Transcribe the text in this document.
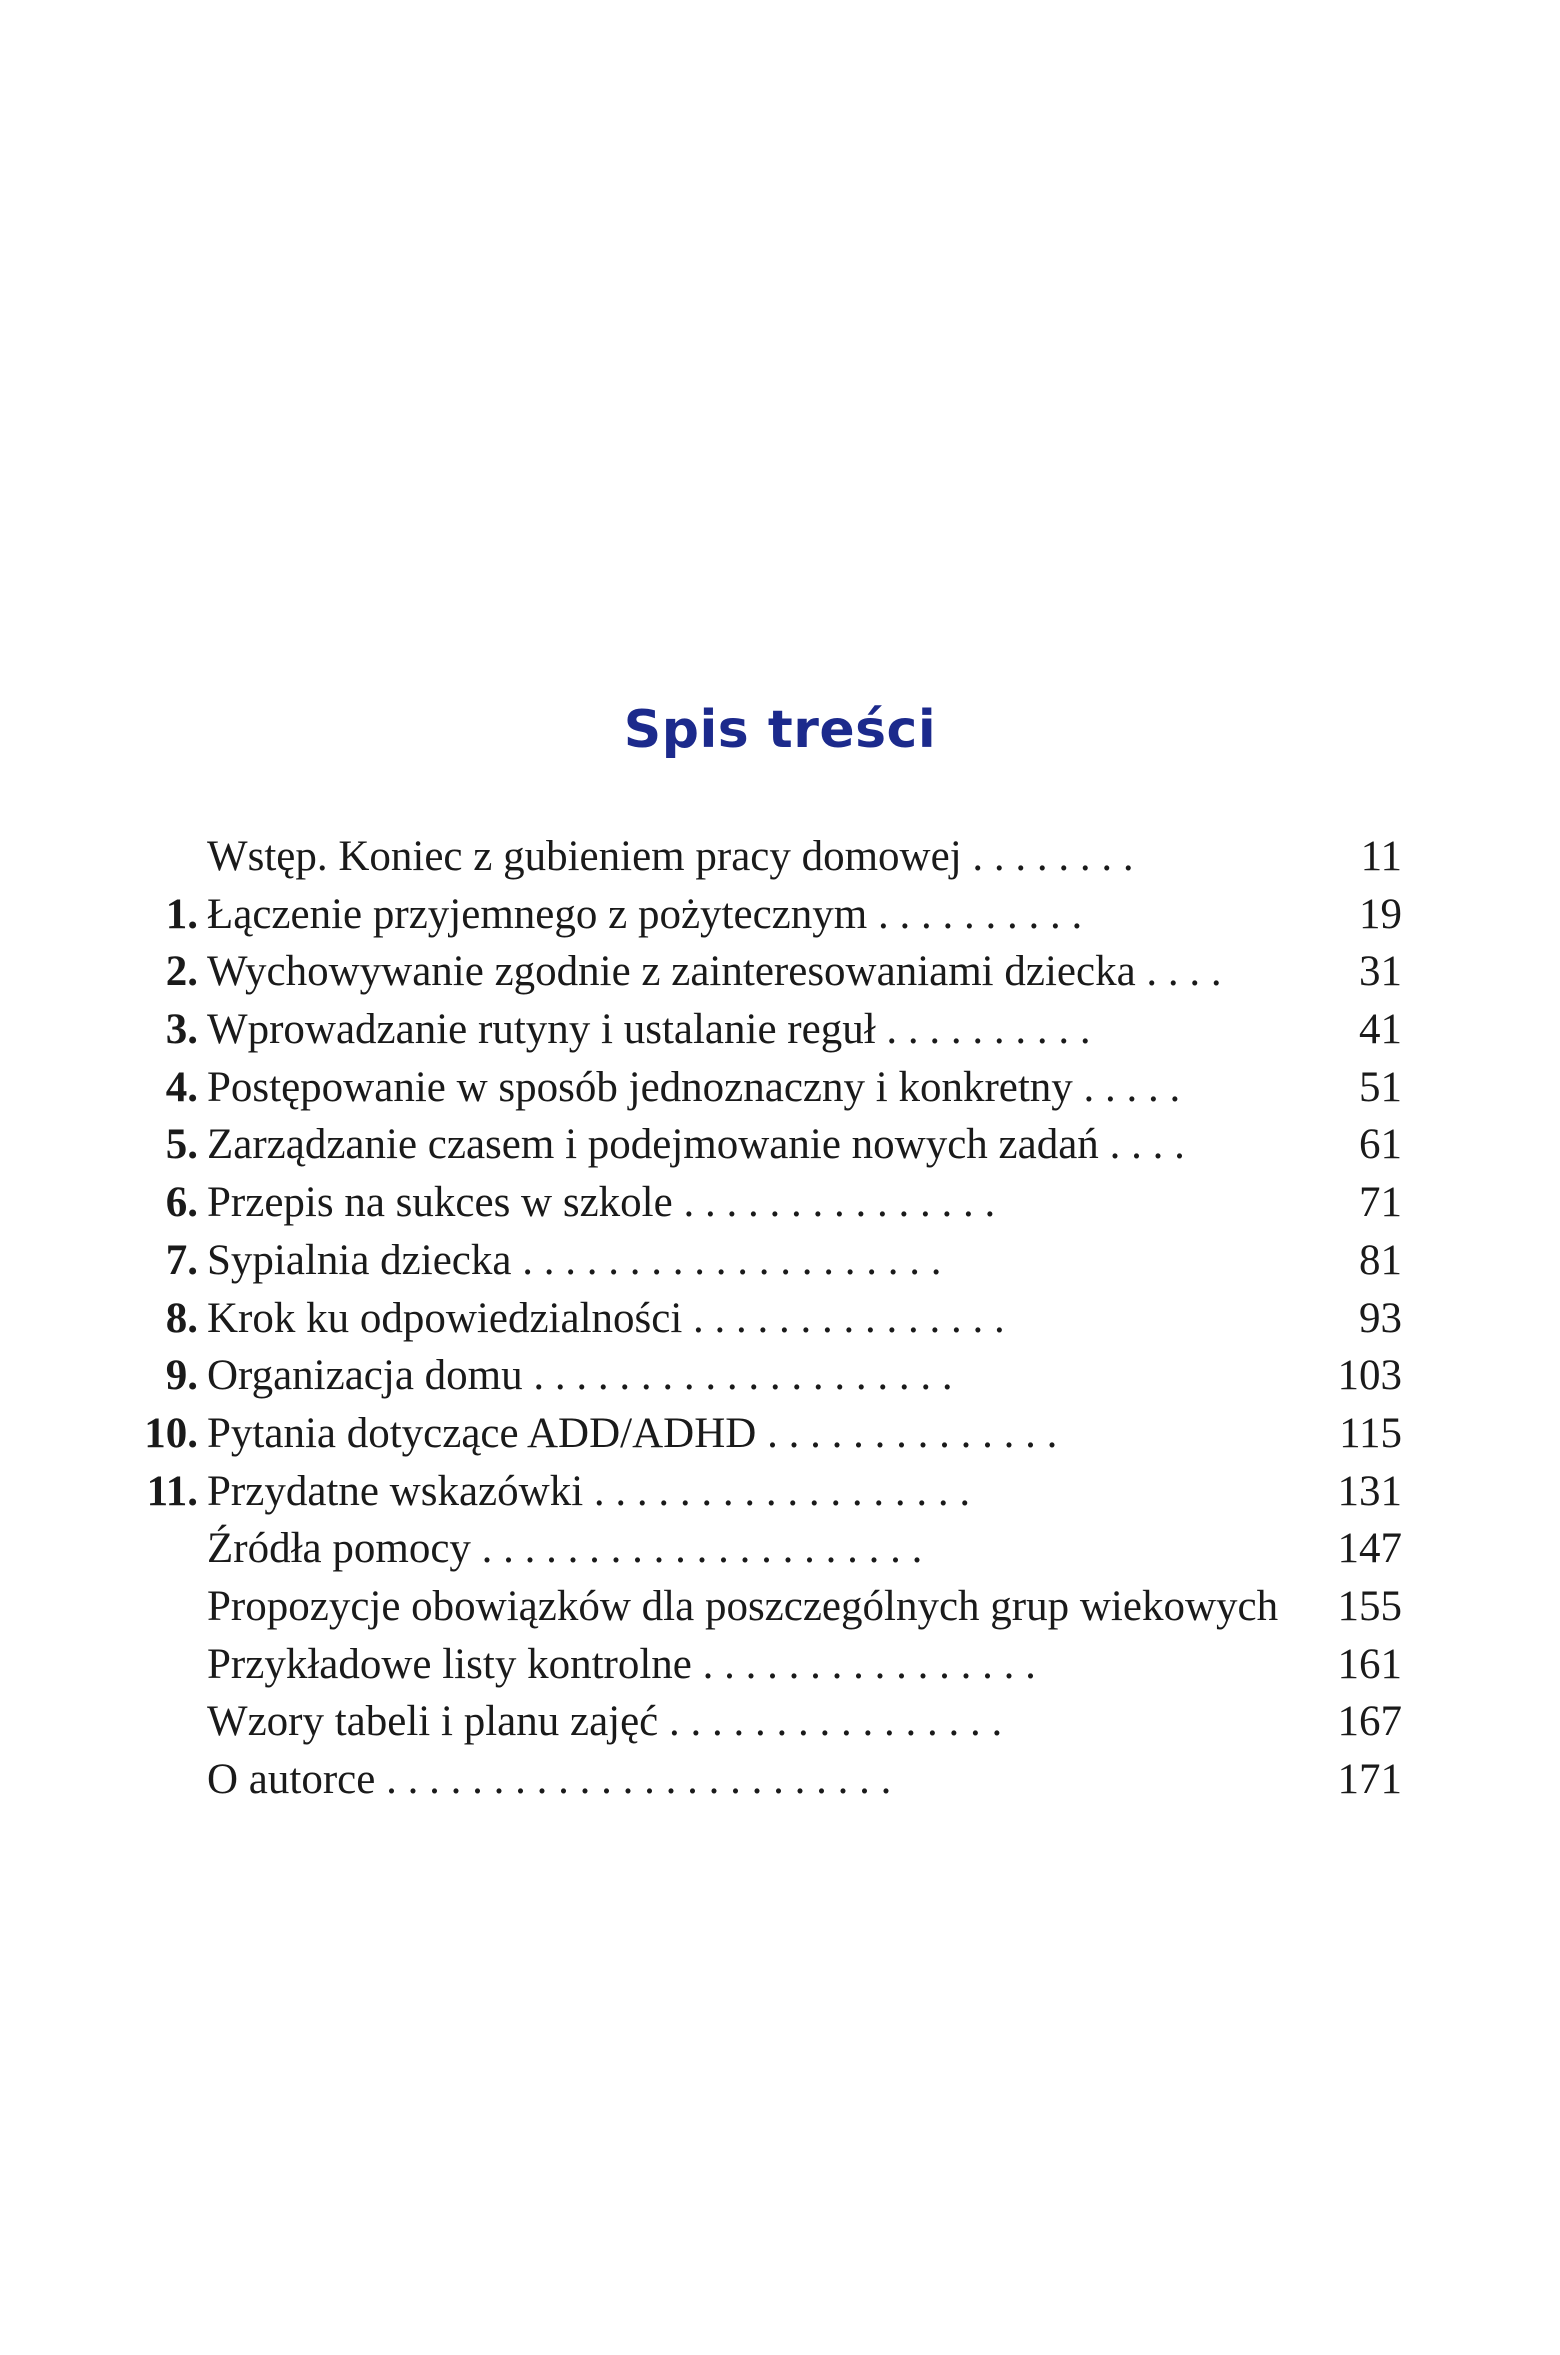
Spis treści
Wstęp. Koniec z gubieniem pracy domowej . . . . . . . .	11
1. Łączenie przyjemnego z pożytecznym . . . . . . . . . .	19
2. Wychowywanie zgodnie z zainteresowaniami dziecka . . . .	31
3. Wprowadzanie rutyny i ustalanie reguł . . . . . . . . . .	41
4. Postępowanie w sposób jednoznaczny i konkretny . . . . .	51
5. Zarządzanie czasem i podejmowanie nowych zadań . . . .	61
6. Przepis na sukces w szkole . . . . . . . . . . . . . . .	71
7. Sypialnia dziecka . . . . . . . . . . . . . . . . . . . .	81
8. Krok ku odpowiedzialności . . . . . . . . . . . . . . .	93
9. Organizacja domu . . . . . . . . . . . . . . . . . . . .	103
10. Pytania dotyczące ADD/ADHD . . . . . . . . . . . . . .	115
11. Przydatne wskazówki . . . . . . . . . . . . . . . . . .	131
Źródła pomocy . . . . . . . . . . . . . . . . . . . . .	147
Propozycje obowiązków dla poszczególnych grup wiekowych	155
Przykładowe listy kontrolne . . . . . . . . . . . . . . . .	161
Wzory tabeli i planu zajęć . . . . . . . . . . . . . . . .	167
O autorce . . . . . . . . . . . . . . . . . . . . . . . .	171
